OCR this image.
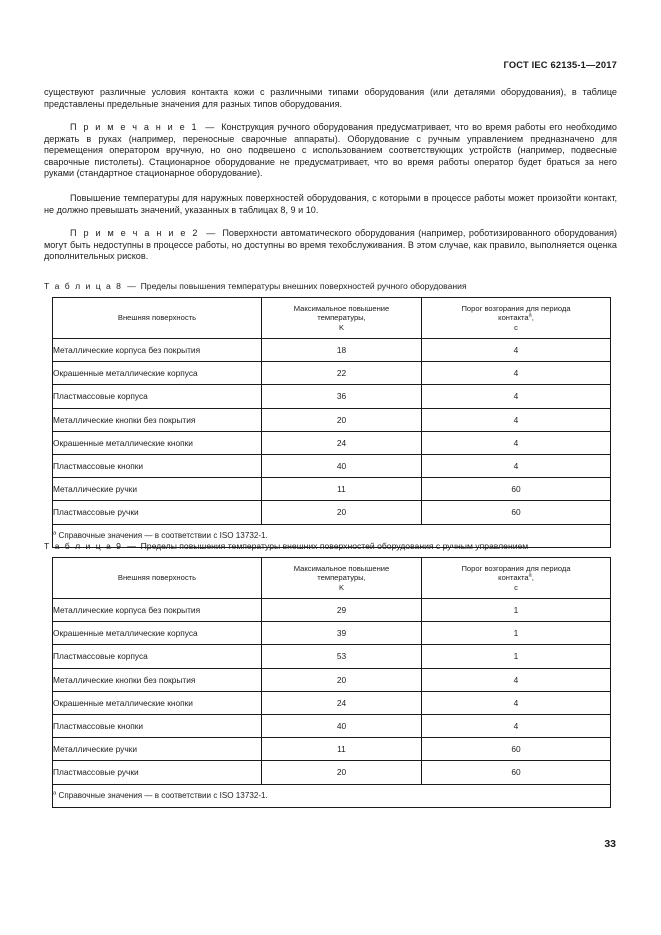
ГОСТ IEC 62135-1—2017
существуют различные условия контакта кожи с различными типами оборудования (или деталями оборудования), в таблице представлены предельные значения для разных типов оборудования.
П р и м е ч а н и е 1 — Конструкция ручного оборудования предусматривает, что во время работы его необходимо держать в руках (например, переносные сварочные аппараты). Оборудование с ручным управлением предназначено для перемещения оператором вручную, но оно подвешено с использованием соответствующих устройств (например, подвесные сварочные пистолеты). Стационарное оборудование не предусматривает, что во время работы оператор будет браться за него руками (стандартное стационарное оборудование).
Повышение температуры для наружных поверхностей оборудования, с которыми в процессе работы может произойти контакт, не должно превышать значений, указанных в таблицах 8, 9 и 10.
П р и м е ч а н и е 2 — Поверхности автоматического оборудования (например, роботизированного оборудования) могут быть недоступны в процессе работы, но доступны во время техобслуживания. В этом случае, как правило, выполняется оценка дополнительных рисков.
Т а б л и ц а 8 — Пределы повышения температуры внешних поверхностей ручного оборудования
Внешняя поверхность	Максимальное повышение
температуры,
K	Порог возгорания для периода
контакта$^a$,
с
Металлические корпуса без покрытия	18	4
Окрашенные металлические корпуса	22	4
Пластмассовые корпуса	36	4
Металлические кнопки без покрытия	20	4
Окрашенные металлические кнопки	24	4
Пластмассовые кнопки	40	4
Металлические ручки	11	60
Пластмассовые ручки	20	60
$^a$ Справочные значения — в соответствии с ISO 13732-1.		
Т а б л и ц а 9 — Пределы повышения температуры внешних поверхностей оборудования с ручным управлением
Внешняя поверхность	Максимальное повышение
температуры,
K	Порог возгорания для периода
контакта$^a$,
с
Металлические корпуса без покрытия	29	1
Окрашенные металлические корпуса	39	1
Пластмассовые корпуса	53	1
Металлические кнопки без покрытия	20	4
Окрашенные металлические кнопки	24	4
Пластмассовые кнопки	40	4
Металлические ручки	11	60
Пластмассовые ручки	20	60
$^a$ Справочные значения — в соответствии с ISO 13732-1.		
33
